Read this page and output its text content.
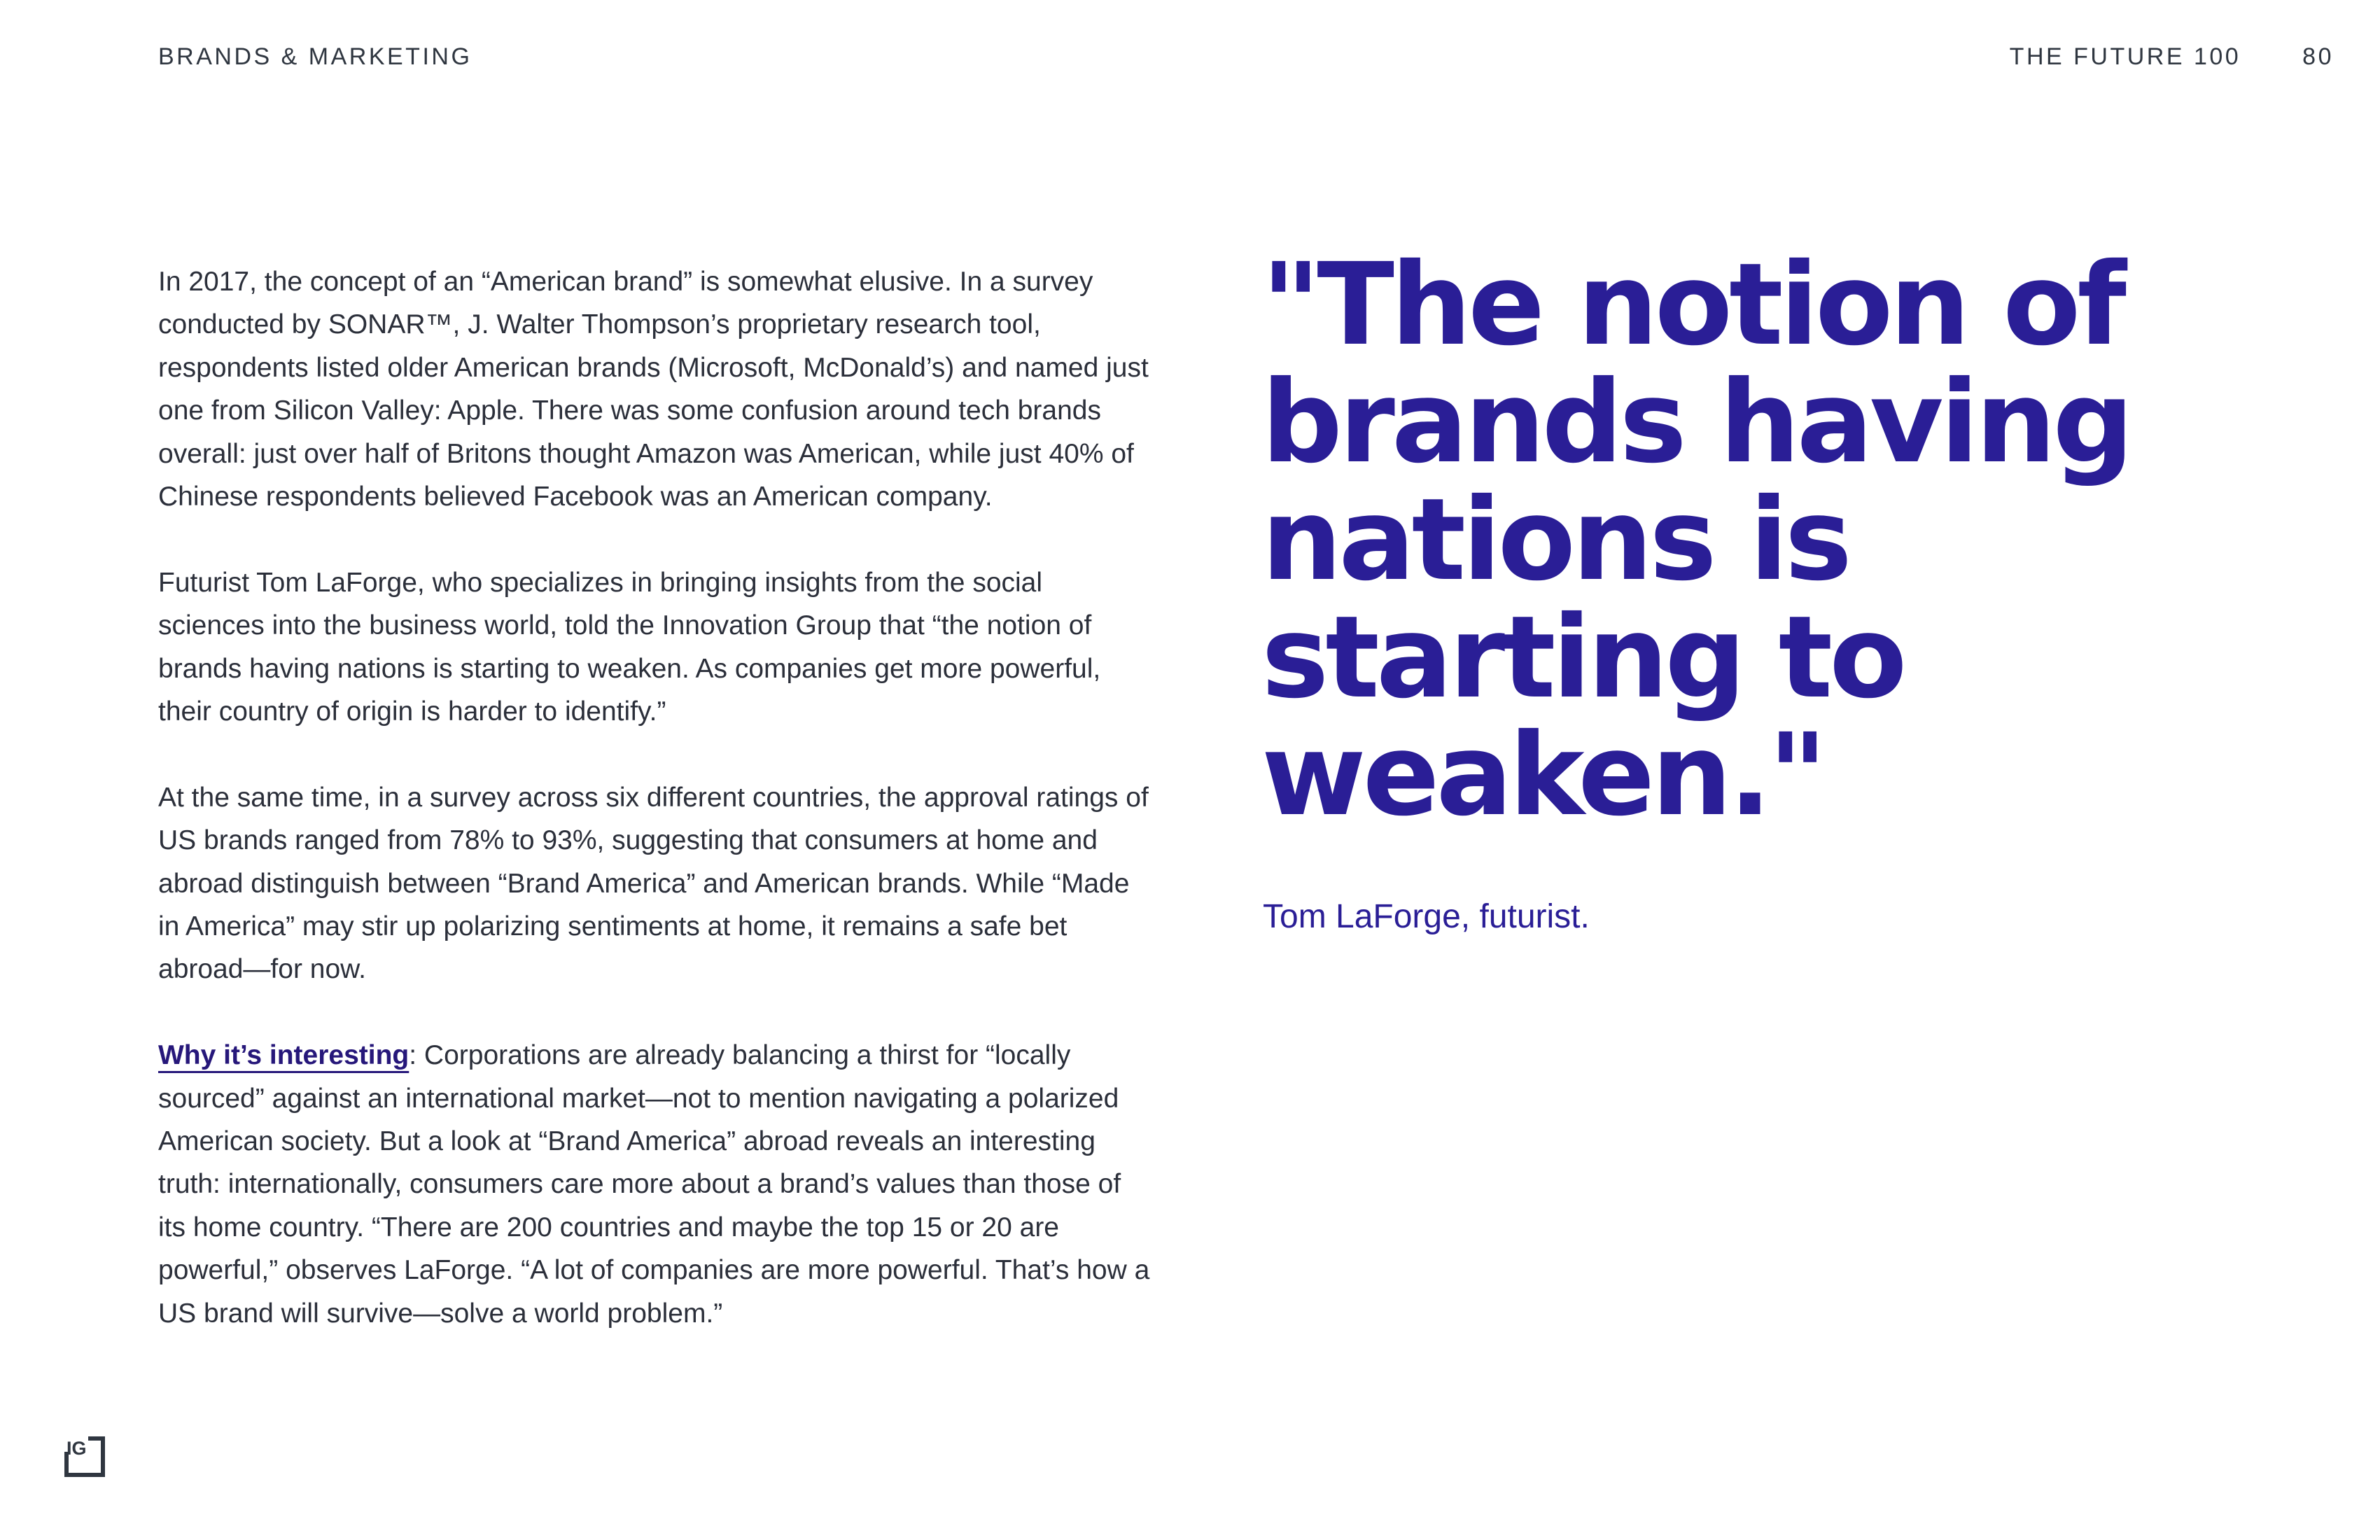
BRANDS & MARKETING	THE FUTURE 100	80

In 2017, the concept of an “American brand” is somewhat elusive. In a survey conducted by SONAR™, J. Walter Thompson’s proprietary research tool, respondents listed older American brands (Microsoft, McDonald’s) and named just one from Silicon Valley: Apple. There was some confusion around tech brands overall: just over half of Britons thought Amazon was American, while just 40% of Chinese respondents believed Facebook was an American company.

Futurist Tom LaForge, who specializes in bringing insights from the social sciences into the business world, told the Innovation Group that “the notion of brands having nations is starting to weaken. As companies get more powerful, their country of origin is harder to identify.”

At the same time, in a survey across six different countries, the approval ratings of US brands ranged from 78% to 93%, suggesting that consumers at home and abroad distinguish between “Brand America” and American brands. While “Made in America” may stir up polarizing sentiments at home, it remains a safe bet abroad—for now.

Why it’s interesting: Corporations are already balancing a thirst for “locally sourced” against an international market—not to mention navigating a polarized American society. But a look at “Brand America” abroad reveals an interesting truth: internationally, consumers care more about a brand’s values than those of its home country. “There are 200 countries and maybe the top 15 or 20 are powerful,” observes LaForge. “A lot of companies are more powerful. That’s how a US brand will survive—solve a world problem.”

"The notion of brands having nations is starting to weaken."

Tom LaForge, futurist.

IG
